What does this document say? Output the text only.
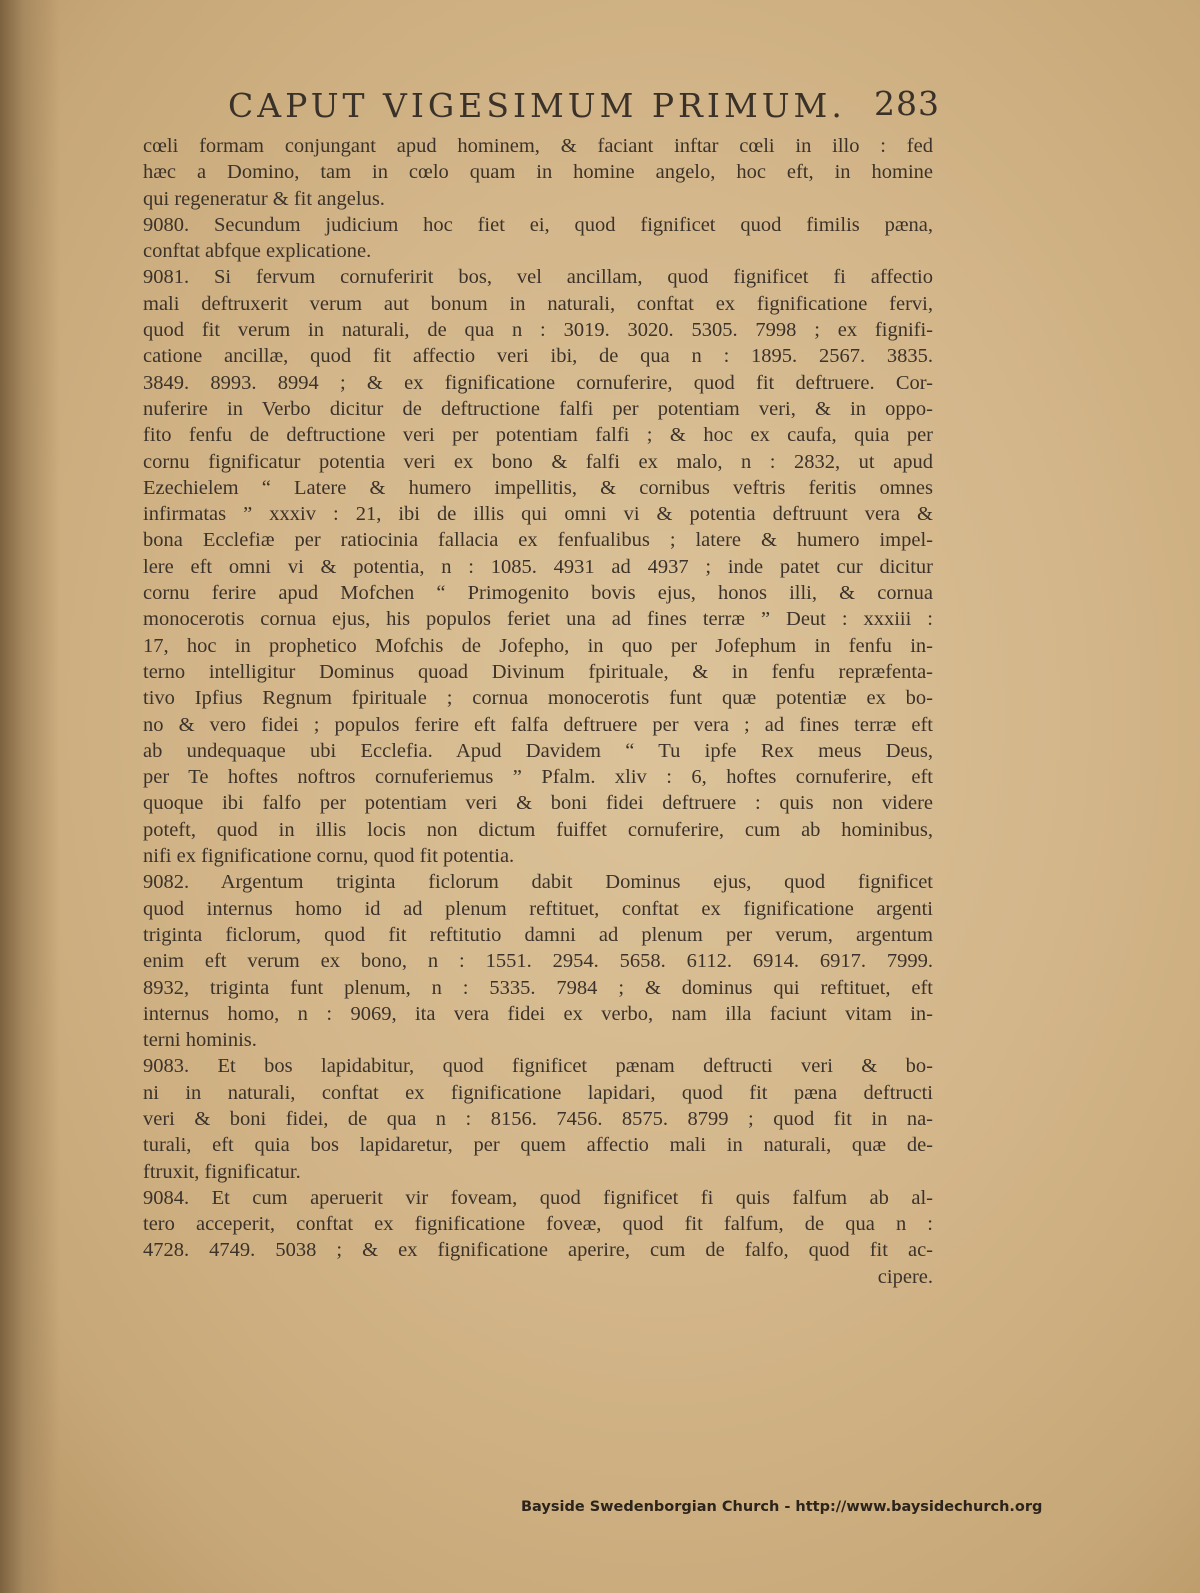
CAPUT VIGESIMUM PRIMUM. 283
cœli formam conjungant apud hominem, & faciant inftar cœli in illo : fed
hæc a Domino, tam in cœlo quam in homine angelo, hoc eft, in homine
qui regeneratur & fit angelus.
9080. Secundum judicium hoc fiet ei, quod fignificet quod fimilis pæna,
conftat abfque explicatione.
9081. Si fervum cornuferirit bos, vel ancillam, quod fignificet fi affectio
mali deftruxerit verum aut bonum in naturali, conftat ex fignificatione fervi,
quod fit verum in naturali, de qua n : 3019. 3020. 5305. 7998 ; ex fignifi-
catione ancillæ, quod fit affectio veri ibi, de qua n : 1895. 2567. 3835.
3849. 8993. 8994 ; & ex fignificatione cornuferire, quod fit deftruere. Cor-
nuferire in Verbo dicitur de deftructione falfi per potentiam veri, & in oppo-
fito fenfu de deftructione veri per potentiam falfi ; & hoc ex caufa, quia per
cornu fignificatur potentia veri ex bono & falfi ex malo, n : 2832, ut apud
Ezechielem “ Latere & humero impellitis, & cornibus veftris feritis omnes
infirmatas ” xxxiv : 21, ibi de illis qui omni vi & potentia deftruunt vera &
bona Ecclefiæ per ratiocinia fallacia ex fenfualibus ; latere & humero impel-
lere eft omni vi & potentia, n : 1085. 4931 ad 4937 ; inde patet cur dicitur
cornu ferire apud Mofchen “ Primogenito bovis ejus, honos illi, & cornua
monocerotis cornua ejus, his populos feriet una ad fines terræ ” Deut : xxxiii :
17, hoc in prophetico Mofchis de Jofepho, in quo per Jofephum in fenfu in-
terno intelligitur Dominus quoad Divinum fpirituale, & in fenfu repræfenta-
tivo Ipfius Regnum fpirituale ; cornua monocerotis funt quæ potentiæ ex bo-
no & vero fidei ; populos ferire eft falfa deftruere per vera ; ad fines terræ eft
ab undequaque ubi Ecclefia. Apud Davidem “ Tu ipfe Rex meus Deus,
per Te hoftes noftros cornuferiemus ” Pfalm. xliv : 6, hoftes cornuferire, eft
quoque ibi falfo per potentiam veri & boni fidei deftruere : quis non videre
poteft, quod in illis locis non dictum fuiffet cornuferire, cum ab hominibus,
nifi ex fignificatione cornu, quod fit potentia.
9082. Argentum triginta ficlorum dabit Dominus ejus, quod fignificet
quod internus homo id ad plenum reftituet, conftat ex fignificatione argenti
triginta ficlorum, quod fit reftitutio damni ad plenum per verum, argentum
enim eft verum ex bono, n : 1551. 2954. 5658. 6112. 6914. 6917. 7999.
8932, triginta funt plenum, n : 5335. 7984 ; & dominus qui reftituet, eft
internus homo, n : 9069, ita vera fidei ex verbo, nam illa faciunt vitam in-
terni hominis.
9083. Et bos lapidabitur, quod fignificet pænam deftructi veri & bo-
ni in naturali, conftat ex fignificatione lapidari, quod fit pæna deftructi
veri & boni fidei, de qua n : 8156. 7456. 8575. 8799 ; quod fit in na-
turali, eft quia bos lapidaretur, per quem affectio mali in naturali, quæ de-
ftruxit, fignificatur.
9084. Et cum aperuerit vir foveam, quod fignificet fi quis falfum ab al-
tero acceperit, conftat ex fignificatione foveæ, quod fit falfum, de qua n :
4728. 4749. 5038 ; & ex fignificatione aperire, cum de falfo, quod fit ac-
cipere.
Bayside Swedenborgian Church - http://www.baysidechurch.org
